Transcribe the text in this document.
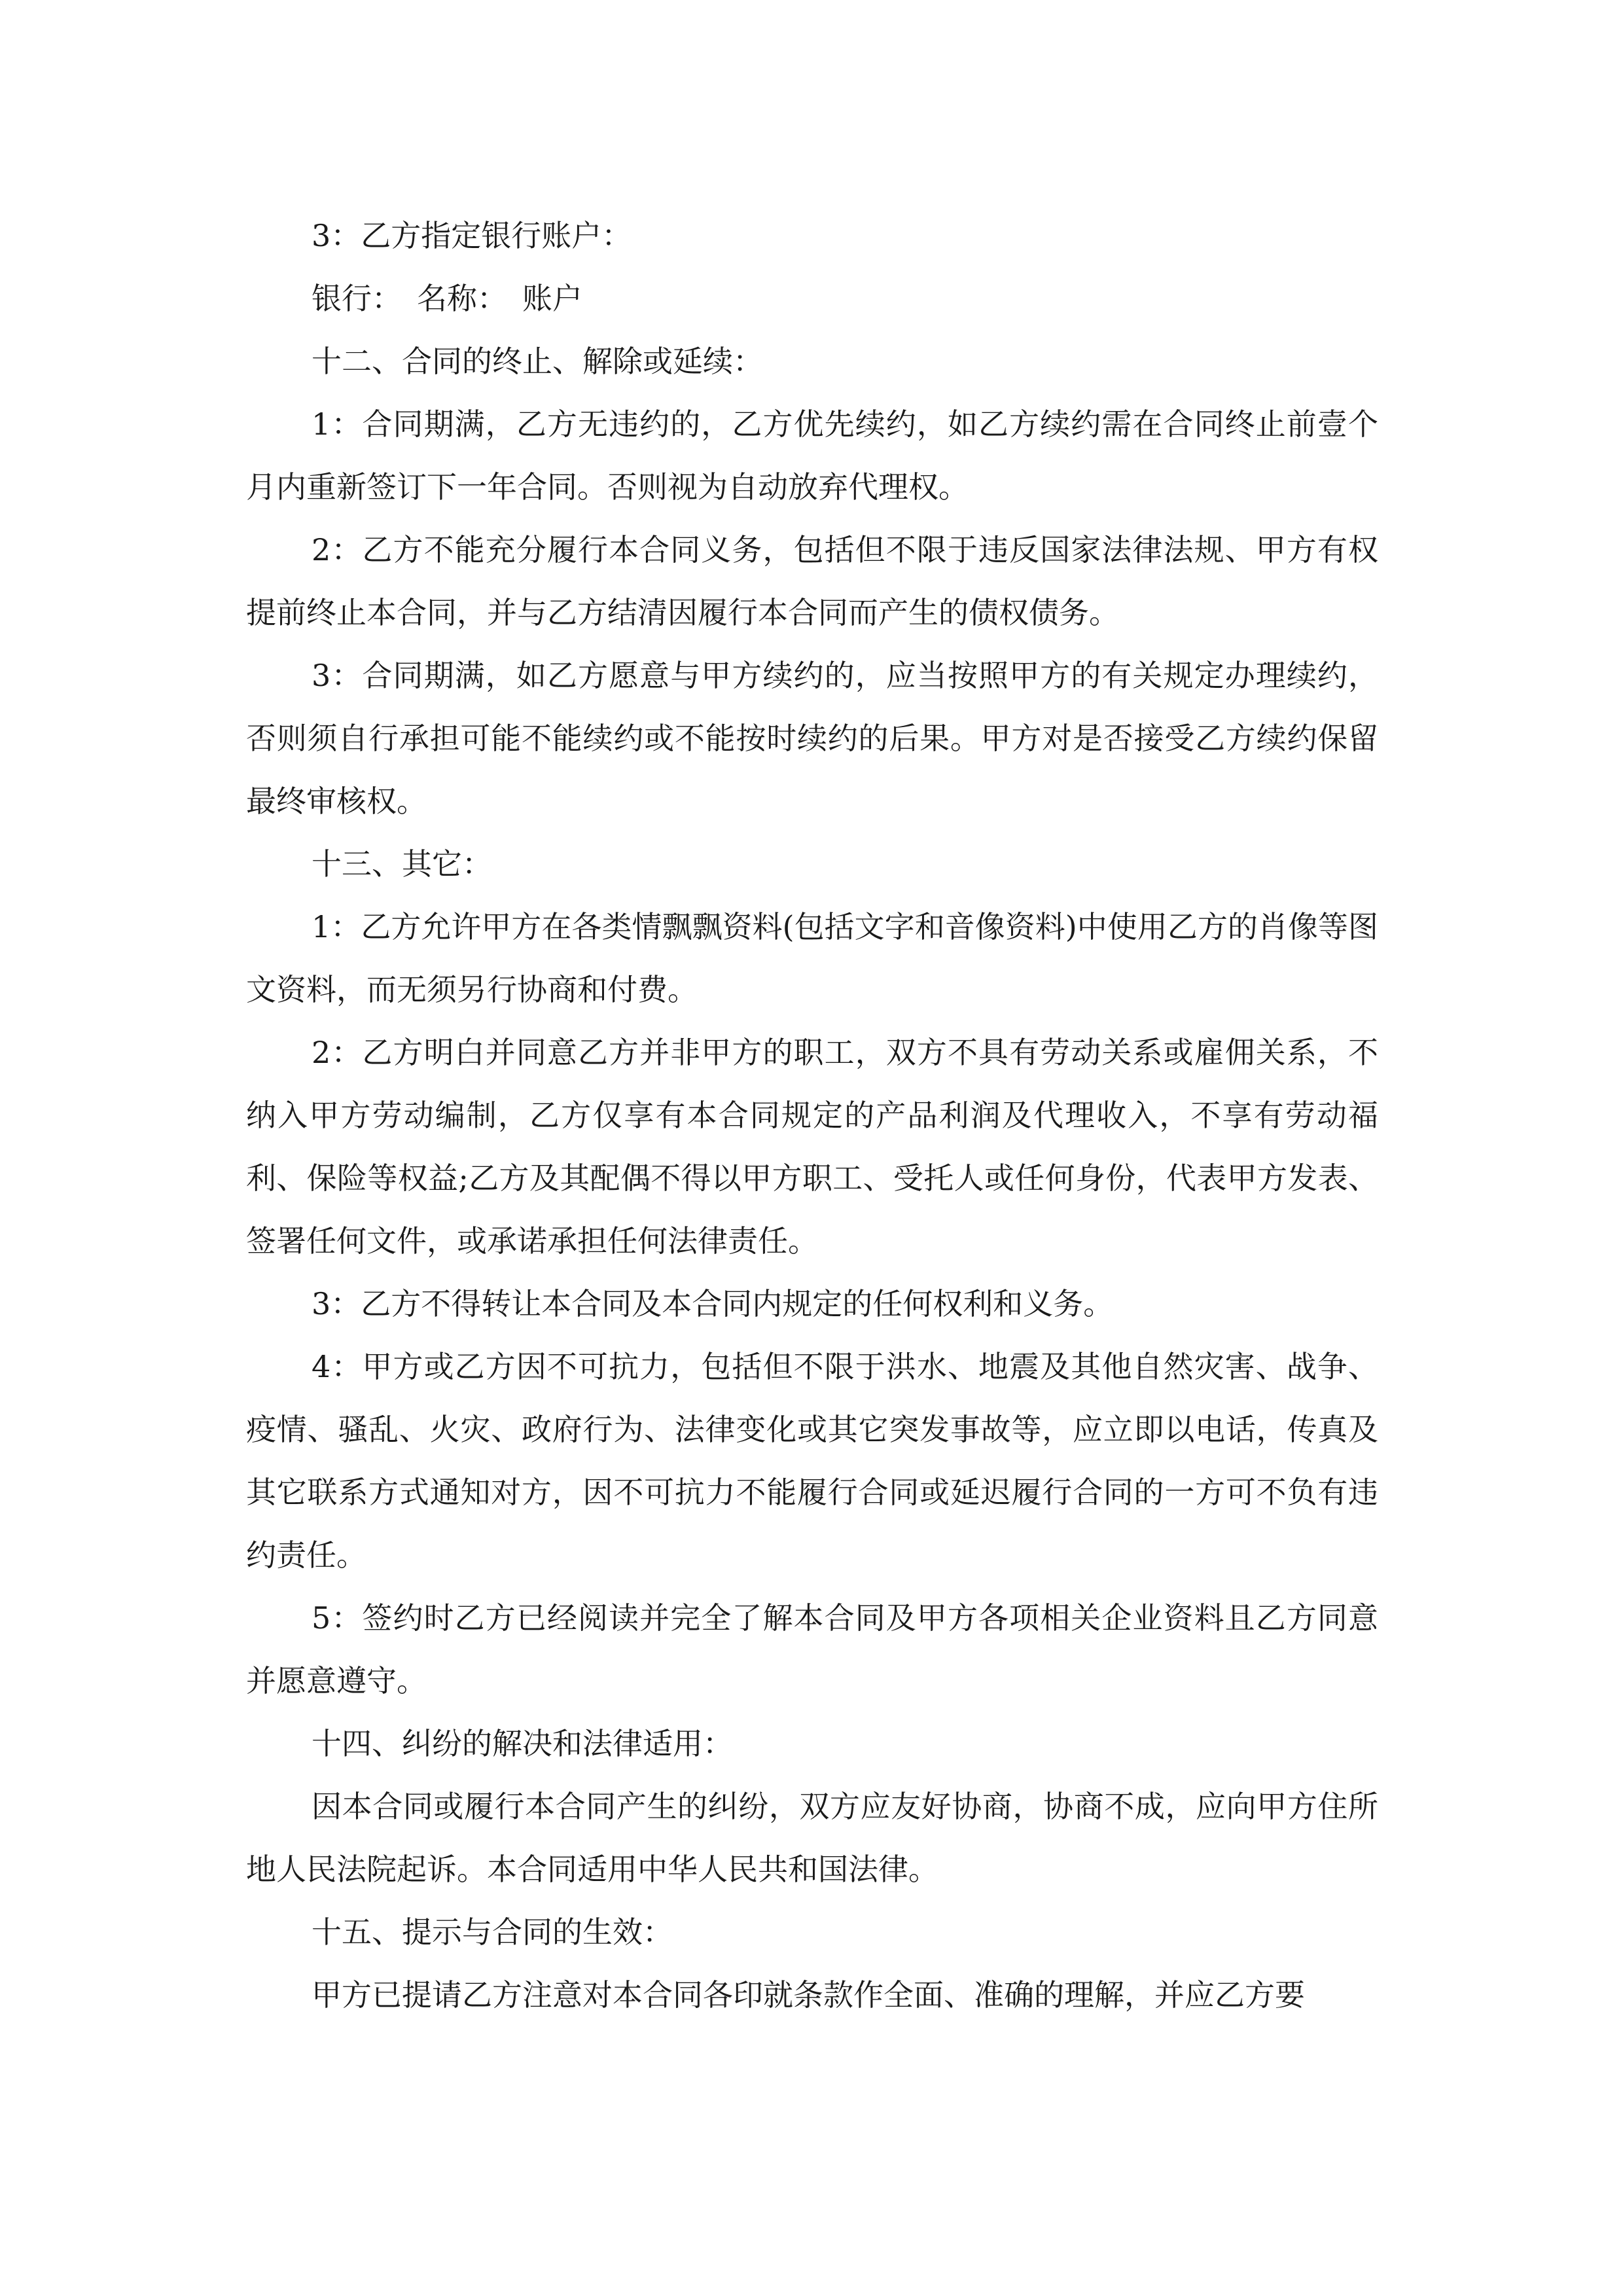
3：乙方指定银行账户：

银行：　名称：　账户

十二、合同的终止、解除或延续：

1：合同期满，乙方无违约的，乙方优先续约，如乙方续约需在合同终止前壹个月内重新签订下一年合同。否则视为自动放弃代理权。

2：乙方不能充分履行本合同义务，包括但不限于违反国家法律法规、甲方有权提前终止本合同，并与乙方结清因履行本合同而产生的债权债务。

3：合同期满，如乙方愿意与甲方续约的，应当按照甲方的有关规定办理续约，否则须自行承担可能不能续约或不能按时续约的后果。甲方对是否接受乙方续约保留最终审核权。

十三、其它：

1：乙方允许甲方在各类情飘飘资料(包括文字和音像资料)中使用乙方的肖像等图文资料，而无须另行协商和付费。

2：乙方明白并同意乙方并非甲方的职工，双方不具有劳动关系或雇佣关系，不纳入甲方劳动编制，乙方仅享有本合同规定的产品利润及代理收入，不享有劳动福利、保险等权益;乙方及其配偶不得以甲方职工、受托人或任何身份，代表甲方发表、签署任何文件，或承诺承担任何法律责任。

3：乙方不得转让本合同及本合同内规定的任何权利和义务。

4：甲方或乙方因不可抗力，包括但不限于洪水、地震及其他自然灾害、战争、疫情、骚乱、火灾、政府行为、法律变化或其它突发事故等，应立即以电话，传真及其它联系方式通知对方，因不可抗力不能履行合同或延迟履行合同的一方可不负有违约责任。

5：签约时乙方已经阅读并完全了解本合同及甲方各项相关企业资料且乙方同意并愿意遵守。

十四、纠纷的解决和法律适用：

因本合同或履行本合同产生的纠纷，双方应友好协商，协商不成，应向甲方住所地人民法院起诉。本合同适用中华人民共和国法律。

十五、提示与合同的生效：

甲方已提请乙方注意对本合同各印就条款作全面、准确的理解，并应乙方要
